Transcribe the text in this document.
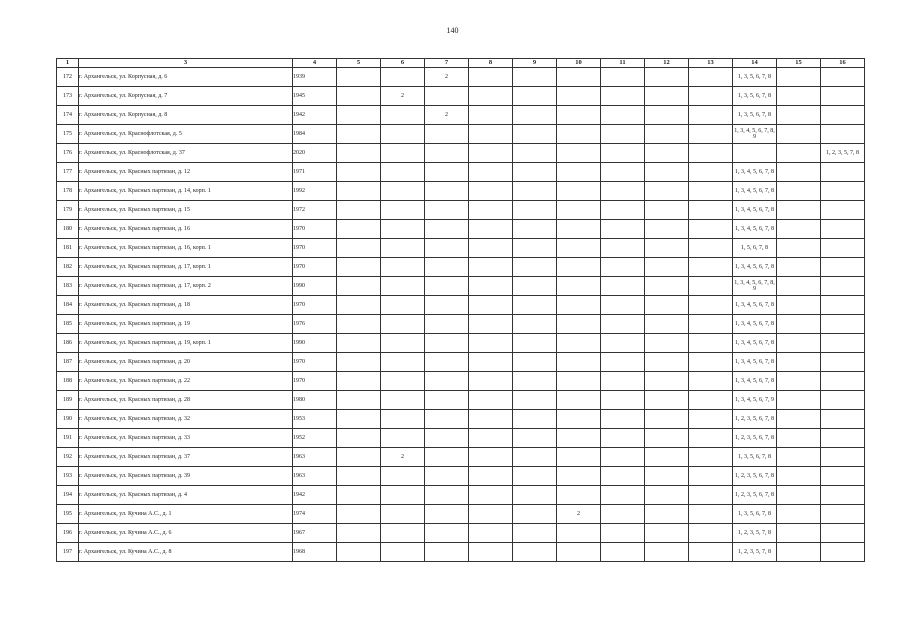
140
1	3	4	5	6	7	8	9	10	11	12	13	14	15	16
172	г. Архангельск, ул. Корпусная, д. 6	1939			2							1, 3, 5, 6, 7, 8		
173	г. Архангельск, ул. Корпусная, д. 7	1945		2								1, 3, 5, 6, 7, 8		
174	г. Архангельск, ул. Корпусная, д. 8	1942			2							1, 3, 5, 6, 7, 8		
175	г. Архангельск, ул. Краснофлотская, д. 5	1984										1, 3, 4, 5, 6, 7, 8, 9		
176	г. Архангельск, ул. Краснофлотская, д. 37	2020												1, 2, 3, 5, 7, 8
177	г. Архангельск, ул. Красных партизан, д. 12	1971										1, 3, 4, 5, 6, 7, 8		
178	г. Архангельск, ул. Красных партизан, д. 14, корп. 1	1992										1, 3, 4, 5, 6, 7, 8		
179	г. Архангельск, ул. Красных партизан, д. 15	1972										1, 3, 4, 5, 6, 7, 8		
180	г. Архангельск, ул. Красных партизан, д. 16	1970										1, 3, 4, 5, 6, 7, 8		
181	г. Архангельск, ул. Красных партизан, д. 16, корп. 1	1970										1, 5, 6, 7, 8		
182	г. Архангельск, ул. Красных партизан, д. 17, корп. 1	1970										1, 3, 4, 5, 6, 7, 8		
183	г. Архангельск, ул. Красных партизан, д. 17, корп. 2	1990										1, 3, 4, 5, 6, 7, 8, 9		
184	г. Архангельск, ул. Красных партизан, д. 18	1970										1, 3, 4, 5, 6, 7, 8		
185	г. Архангельск, ул. Красных партизан, д. 19	1976										1, 3, 4, 5, 6, 7, 8		
186	г. Архангельск, ул. Красных партизан, д. 19, корп. 1	1990										1, 3, 4, 5, 6, 7, 8		
187	г. Архангельск, ул. Красных партизан, д. 20	1970										1, 3, 4, 5, 6, 7, 8		
188	г. Архангельск, ул. Красных партизан, д. 22	1970										1, 3, 4, 5, 6, 7, 8		
189	г. Архангельск, ул. Красных партизан, д. 28	1980										1, 3, 4, 5, 6, 7, 9		
190	г. Архангельск, ул. Красных партизан, д. 32	1953										1, 2, 3, 5, 6, 7, 8		
191	г. Архангельск, ул. Красных партизан, д. 33	1952										1, 2, 3, 5, 6, 7, 8		
192	г. Архангельск, ул. Красных партизан, д. 37	1963		2								1, 3, 5, 6, 7, 8		
193	г. Архангельск, ул. Красных партизан, д. 39	1963										1, 2, 3, 5, 6, 7, 8		
194	г. Архангельск, ул. Красных партизан, д. 4	1942										1, 2, 3, 5, 6, 7, 8		
195	г. Архангельск, ул. Кучина А.С., д. 1	1974						2				1, 3, 5, 6, 7, 8		
196	г. Архангельск, ул. Кучина А.С., д. 6	1967										1, 2, 3, 5, 7, 8		
197	г. Архангельск, ул. Кучина А.С., д. 8	1968										1, 2, 3, 5, 7, 8		
